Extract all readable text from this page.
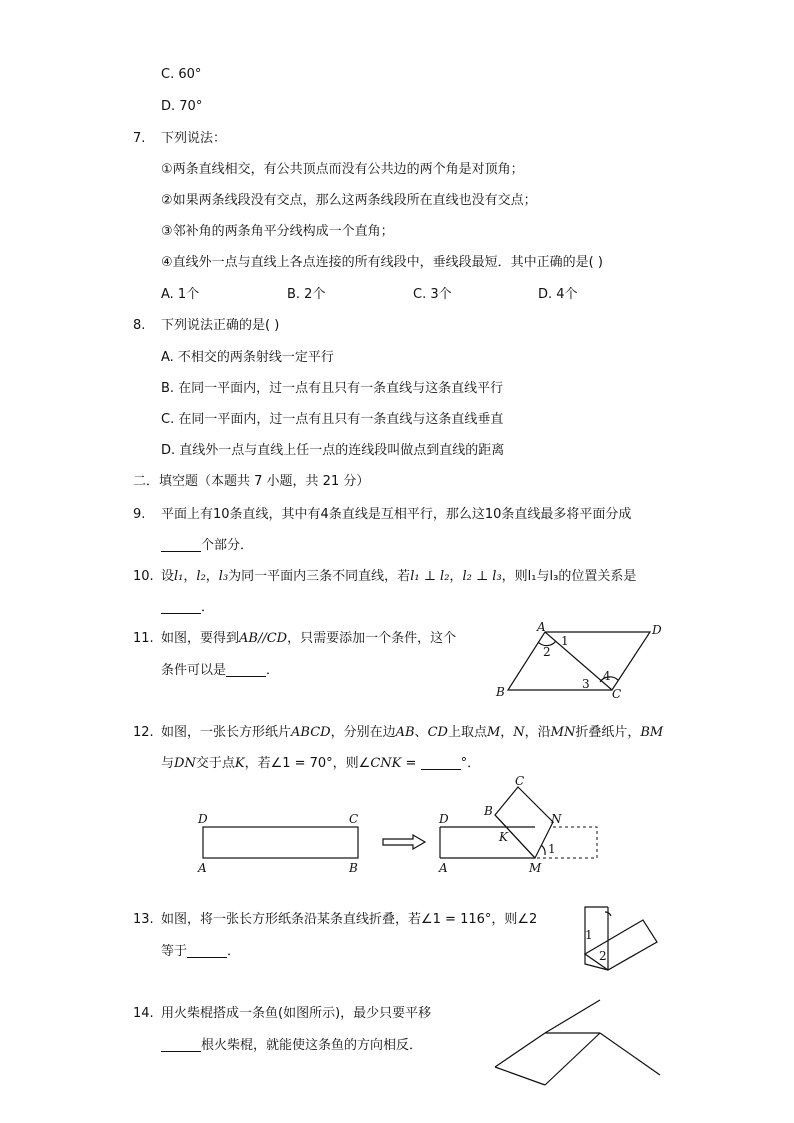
C. 60°
D. 70°
7. 下列说法：
①两条直线相交，有公共顶点而没有公共边的两个角是对顶角；
②如果两条线段没有交点，那么这两条线段所在直线也没有交点；
③邻补角的两条角平分线构成一个直角；
④直线外一点与直线上各点连接的所有线段中，垂线段最短．其中正确的是( )
A. 1个	B. 2个	C. 3个	D. 4个
8. 下列说法正确的是( )
A. 不相交的两条射线一定平行
B. 在同一平面内，过一点有且只有一条直线与这条直线平行
C. 在同一平面内，过一点有且只有一条直线与这条直线垂直
D. 直线外一点与直线上任一点的连线段叫做点到直线的距离
二．填空题（本题共 7 小题，共 21 分）
9. 平面上有10条直线，其中有4条直线是互相平行，那么这10条直线最多将平面分成
个部分．
10. 设l₁，l₂，l₃为同一平面内三条不同直线，若l₁ ⊥ l₂，l₂ ⊥ l₃，则l₁与l₃的位置关系是
．
11. 如图，要得到AB//CD，只需要添加一个条件，这个
条件可以是	．
A	D
B	C
1
2
3
4
12. 如图，一张长方形纸片ABCD，分别在边AB、CD上取点M，N，沿MN折叠纸片，BM
与DN交于点K，若∠1 = 70°，则∠CNK =	°．
D	C
A	B
D
A
C
B
K
N
M
1
13. 如图，将一张长方形纸条沿某条直线折叠，若∠1 = 116°，则∠2
等于	．
1
2
14. 用火柴棍搭成一条鱼(如图所示)，最少只要平移
根火柴棍，就能使这条鱼的方向相反．
